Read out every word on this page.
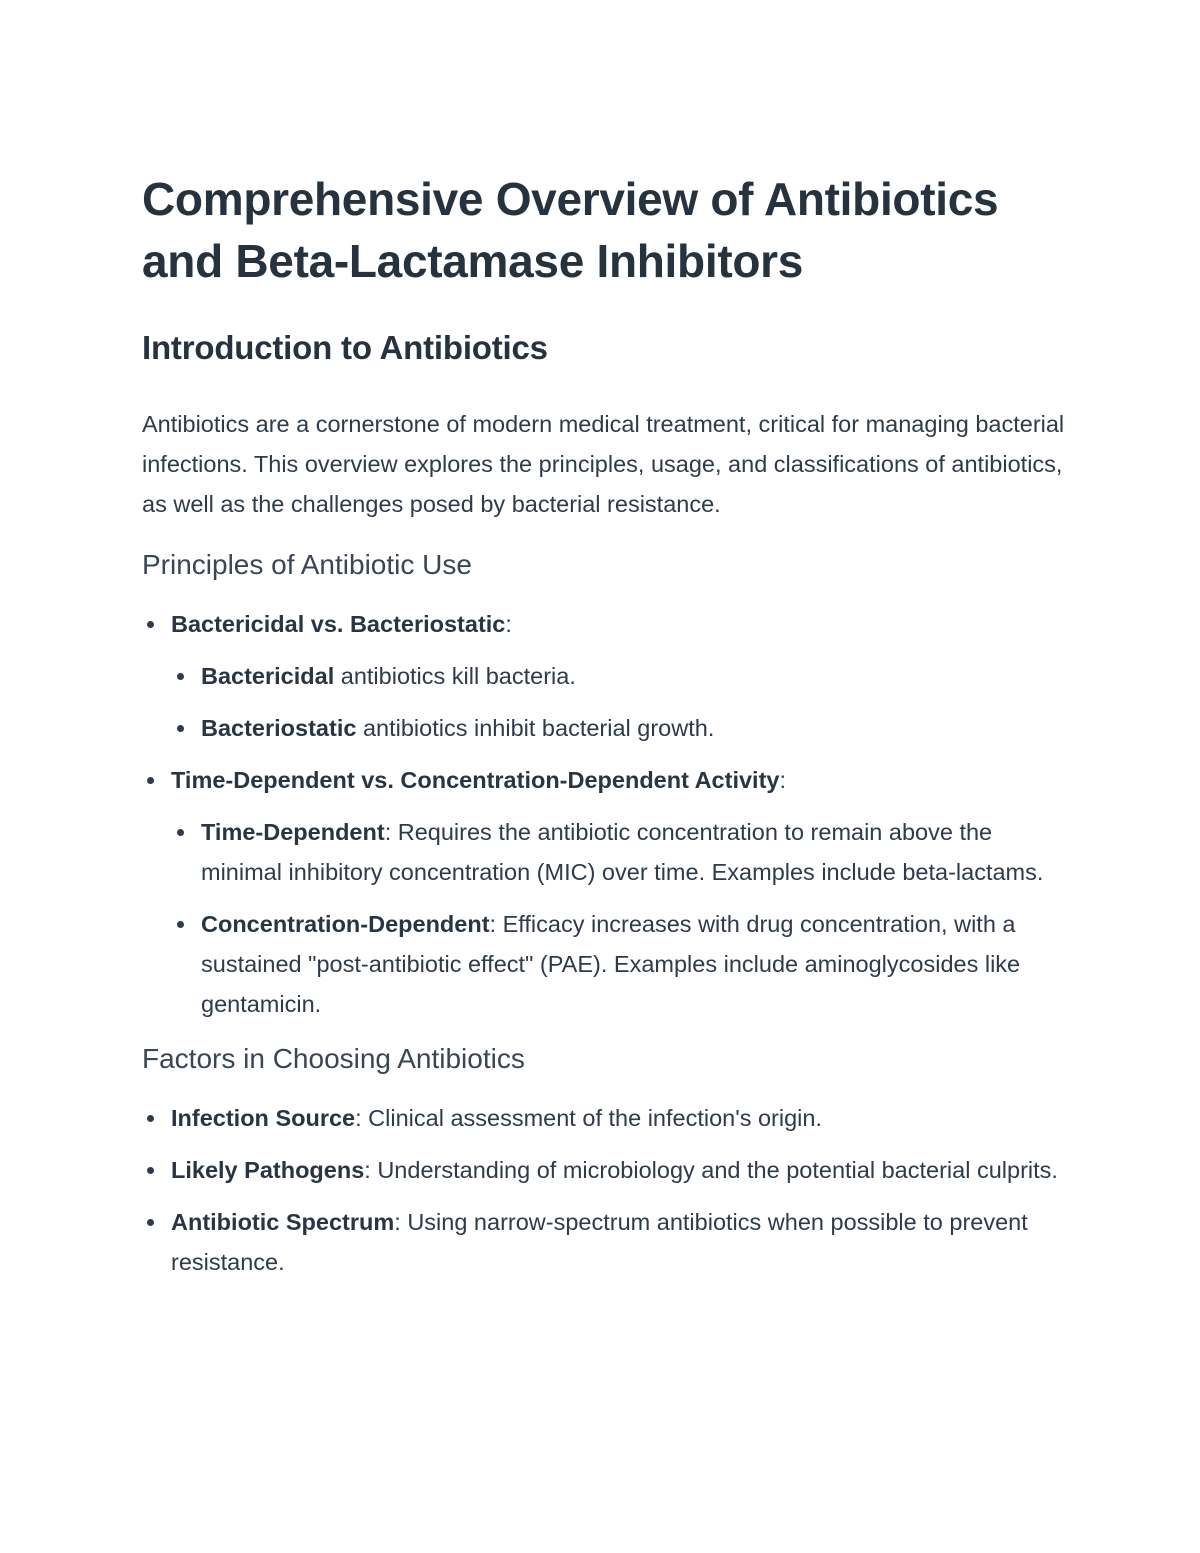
Comprehensive Overview of Antibiotics and Beta-Lactamase Inhibitors
Introduction to Antibiotics

Antibiotics are a cornerstone of modern medical treatment, critical for managing bacterial infections. This overview explores the principles, usage, and classifications of antibiotics, as well as the challenges posed by bacterial resistance.

Principles of Antibiotic Use
Bactericidal vs. Bacteriostatic:
Bactericidal antibiotics kill bacteria.
Bacteriostatic antibiotics inhibit bacterial growth.
Time-Dependent vs. Concentration-Dependent Activity:
Time-Dependent: Requires the antibiotic concentration to remain above the minimal inhibitory concentration (MIC) over time. Examples include beta-lactams.
Concentration-Dependent: Efficacy increases with drug concentration, with a sustained "post-antibiotic effect" (PAE). Examples include aminoglycosides like gentamicin.
Factors in Choosing Antibiotics
Infection Source: Clinical assessment of the infection's origin.
Likely Pathogens: Understanding of microbiology and the potential bacterial culprits.
Antibiotic Spectrum: Using narrow-spectrum antibiotics when possible to prevent resistance.
